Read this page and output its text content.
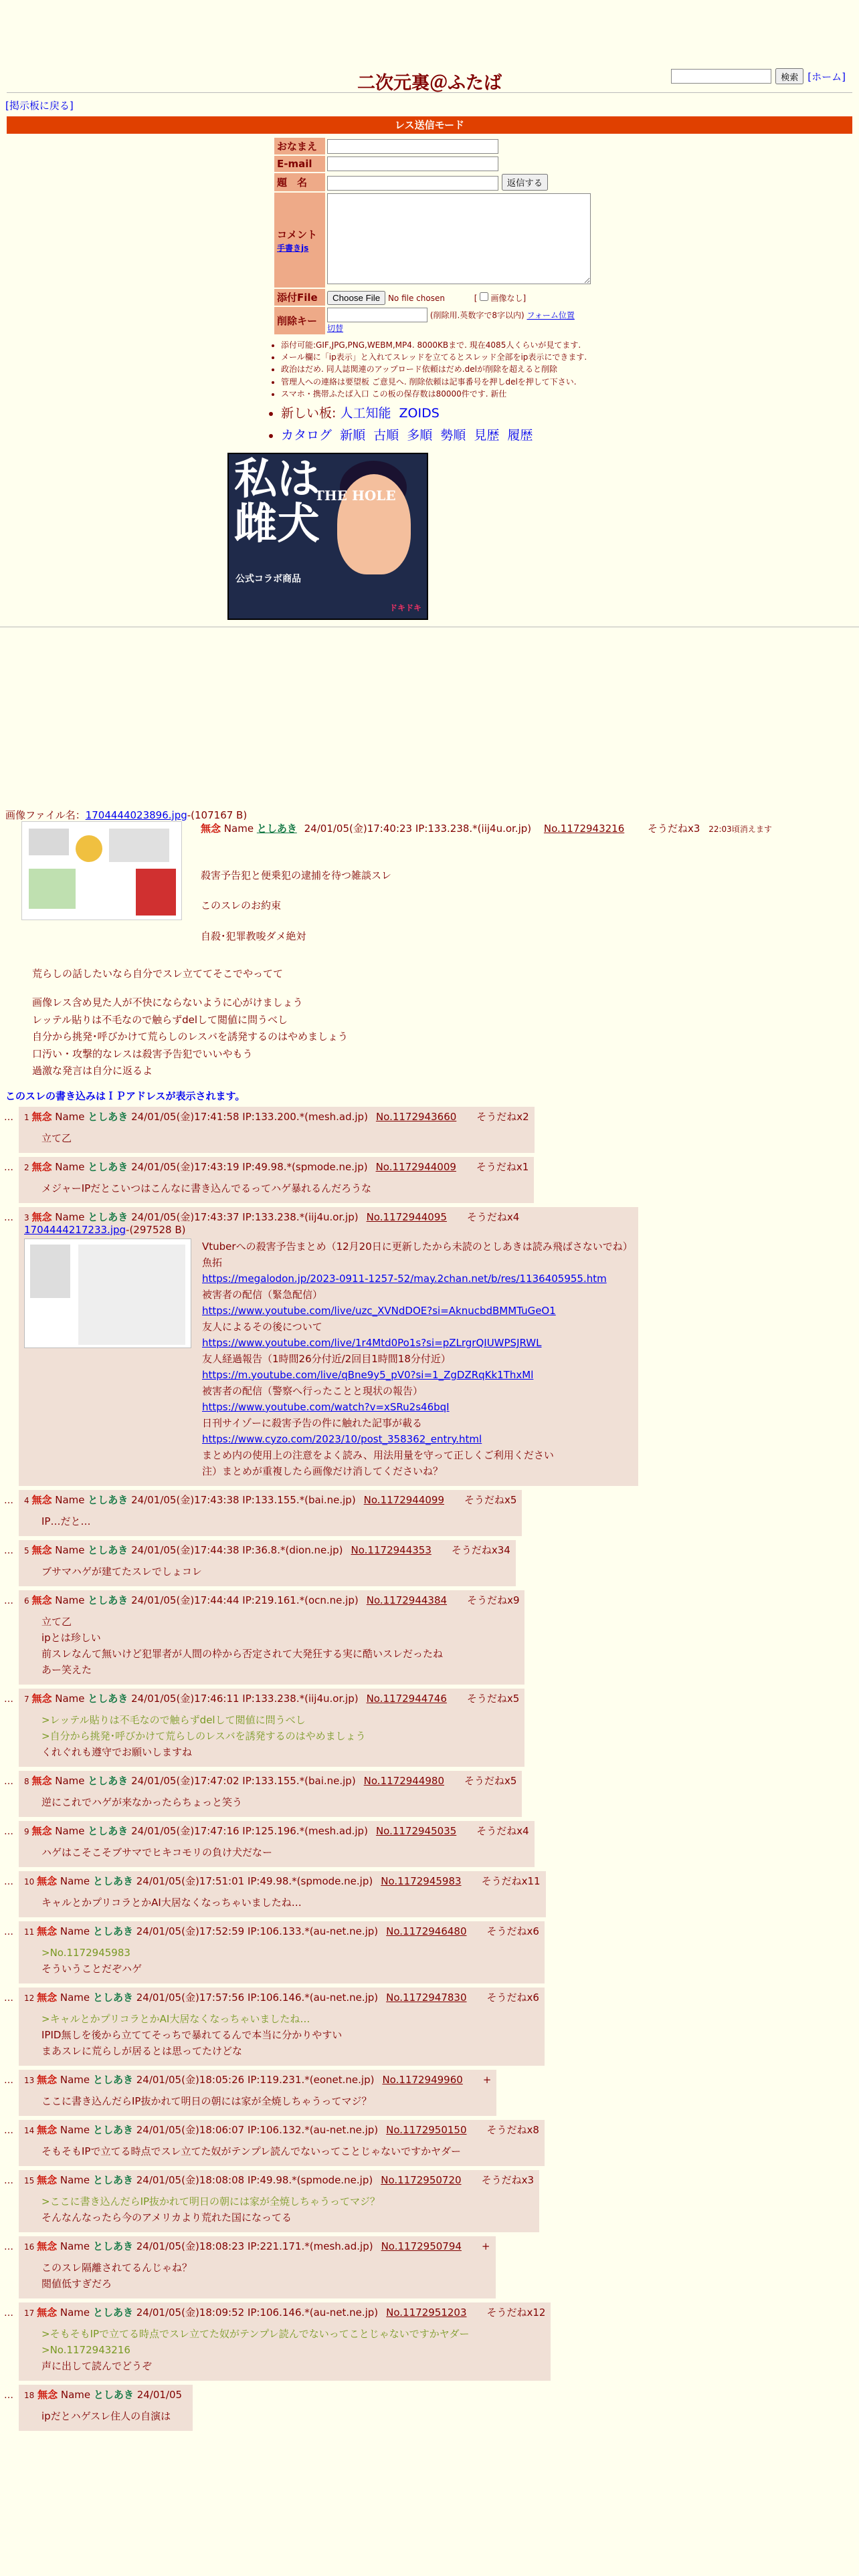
二次元裏＠ふたば	検索 [ホーム]
[掲示板に戻る]
レス送信モード
おなまえ	
E-mail	
題　名	返信する

コメント
手書きjs	
添付File	Choose File No file chosen [ 画像なし]
削除キー	(削除用.英数字で8字以内) フォーム位置
切替
• 添付可能:GIF,JPG,PNG,WEBM,MP4. 8000KBまで. 現在4085人くらいが見てます.
• メール欄に「ip表示」と入れてスレッドを立てるとスレッド全部をip表示にできます.
• 政治はだめ. 同人誌関連のアップロード依頼はだめ.delが削除を超えると削除
• 管理人への連絡は要望板 ご意見へ. 削除依頼は記事番号を押しdelを押して下さい.
• スマホ・携帯ふたば入口 この板の保存数は80000件です. 新仕
• 新しい板: 人工知能 ZOIDS
• カタログ 新順 古順 多順 勢順 見歴 履歴
私は
雌犬
THE HOLE
公式コラボ商品
ドキドキ
画像ファイル名：1704444023896.jpg-(107167 B)
無念 Name としあき 24/01/05(金)17:40:23 IP:133.238.*(iij4u.or.jp) No.1172943216 そうだねx3 22:03頃消えます
殺害予告犯と便乗犯の逮捕を待つ雑談スレ
このスレのお約束
自殺･犯罪教唆ダメ絶対
荒らしの話したいなら自分でスレ立ててそこでやってて
画像レス含め見た人が不快にならないように心がけましょう
レッテル貼りは不毛なので触らずdelして閲値に問うべし
自分から挑発･呼びかけて荒らしのレスバを誘発するのはやめましょう
口汚い・攻撃的なレスは殺害予告犯でいいやもう
過激な発言は自分に返るよ
このスレの書き込みはＩＰアドレスが表示されます。
…	1 無念 Name としあき 24/01/05(金)17:41:58 IP:133.200.*(mesh.ad.jp) No.1172943660 そうだねx2
立て乙
…	2 無念 Name としあき 24/01/05(金)17:43:19 IP:49.98.*(spmode.ne.jp) No.1172944009 そうだねx1
メジャーIPだとこいつはこんなに書き込んでるってハゲ暴れるんだろうな
…	3 無念 Name としあき 24/01/05(金)17:43:37 IP:133.238.*(iij4u.or.jp) No.1172944095 そうだねx4
1704444217233.jpg-(297528 B)
Vtuberへの殺害予告まとめ（12月20日に更新したから未読のとしあきは読み飛ばさないでね）
魚拓
https://megalodon.jp/2023-0911-1257-52/may.2chan.net/b/res/1136405955.htm
被害者の配信（緊急配信）
https://www.youtube.com/live/uzc_XVNdDOE?si=AknucbdBMMTuGeO1
友人によるその後について
https://www.youtube.com/live/1r4Mtd0Po1s?si=pZLrgrQIUWPSJRWL
友人経過報告（1時間26分付近/2回目1時間18分付近）
https://m.youtube.com/live/qBne9y5_pV0?si=1_ZgDZRqKk1ThxMl
被害者の配信（警察へ行ったことと現状の報告）
https://www.youtube.com/watch?v=xSRu2s46bqI
日刊サイゾーに殺害予告の件に触れた記事が載る
https://www.cyzo.com/2023/10/post_358362_entry.html
まとめ内の使用上の注意をよく読み、用法用量を守って正しくご利用ください
注）まとめが重複したら画像だけ消してくださいね？
…	4 無念 Name としあき 24/01/05(金)17:43:38 IP:133.155.*(bai.ne.jp) No.1172944099 そうだねx5
IP…だと…
…	5 無念 Name としあき 24/01/05(金)17:44:38 IP:36.8.*(dion.ne.jp) No.1172944353 そうだねx34
ブサマハゲが建てたスレでしょコレ
…	6 無念 Name としあき 24/01/05(金)17:44:44 IP:219.161.*(ocn.ne.jp) No.1172944384 そうだねx9
立て乙
ipとは珍しい
前スレなんて無いけど犯罪者が人間の枠から否定されて大発狂する実に酷いスレだったね
あー笑えた
…	7 無念 Name としあき 24/01/05(金)17:46:11 IP:133.238.*(iij4u.or.jp) No.1172944746 そうだねx5
>レッテル貼りは不毛なので触らずdelして閲値に問うべし
>自分から挑発･呼びかけて荒らしのレスバを誘発するのはやめましょう
くれぐれも遵守でお願いしますね
…	8 無念 Name としあき 24/01/05(金)17:47:02 IP:133.155.*(bai.ne.jp) No.1172944980 そうだねx5
逆にこれでハゲが来なかったらちょっと笑う
…	9 無念 Name としあき 24/01/05(金)17:47:16 IP:125.196.*(mesh.ad.jp) No.1172945035 そうだねx4
ハゲはこそこそブサマでヒキコモリの負け犬だなー
…	10 無念 Name としあき 24/01/05(金)17:51:01 IP:49.98.*(spmode.ne.jp) No.1172945983 そうだねx11
キャルとかプリコラとかAI大居なくなっちゃいましたね…
…	11 無念 Name としあき 24/01/05(金)17:52:59 IP:106.133.*(au-net.ne.jp) No.1172946480 そうだねx6
>No.1172945983
そういうことだぞハゲ
…	12 無念 Name としあき 24/01/05(金)17:57:56 IP:106.146.*(au-net.ne.jp) No.1172947830 そうだねx6
>キャルとかプリコラとかAI大居なくなっちゃいましたね…
IPID無しを後から立ててそっちで暴れてるんで本当に分かりやすい
まあスレに荒らしが居るとは思ってたけどな
…	13 無念 Name としあき 24/01/05(金)18:05:26 IP:119.231.*(eonet.ne.jp) No.1172949960 +
ここに書き込んだらIP抜かれて明日の朝には家が全焼しちゃうってマジ？
…	14 無念 Name としあき 24/01/05(金)18:06:07 IP:106.132.*(au-net.ne.jp) No.1172950150 そうだねx8
そもそもIPで立てる時点でスレ立てた奴がテンプレ読んでないってことじゃないですかヤダー
…	15 無念 Name としあき 24/01/05(金)18:08:08 IP:49.98.*(spmode.ne.jp) No.1172950720 そうだねx3
>ここに書き込んだらIP抜かれて明日の朝には家が全焼しちゃうってマジ？
そんなんなったら今のアメリカより荒れた国になってる
…	16 無念 Name としあき 24/01/05(金)18:08:23 IP:221.171.*(mesh.ad.jp) No.1172950794 +
このスレ隔離されてるんじゃね？
閲値低すぎだろ
…	17 無念 Name としあき 24/01/05(金)18:09:52 IP:106.146.*(au-net.ne.jp) No.1172951203 そうだねx12
>そもそもIPで立てる時点でスレ立てた奴がテンプレ読んでないってことじゃないですかヤダー
>No.1172943216
声に出して読んでどうぞ
…	18 無念 Name としあき 24/01/05
ipだとハゲスレ住人の自演は
